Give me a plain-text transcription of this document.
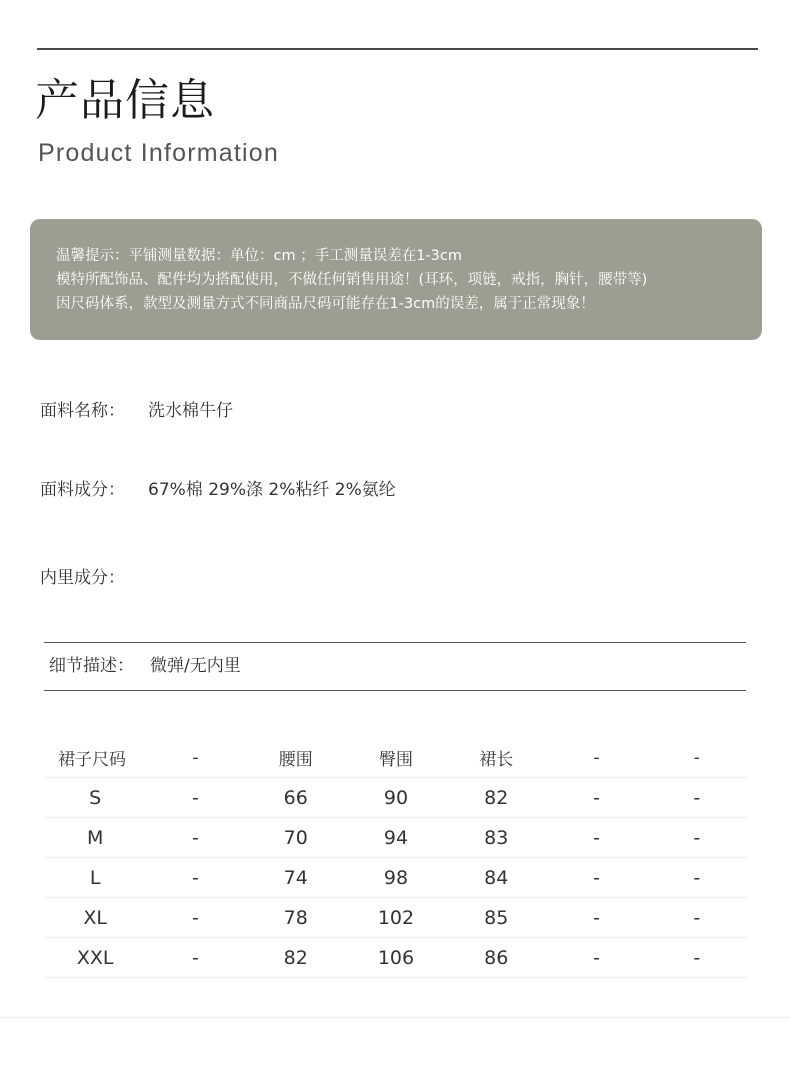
产品信息
Product Information
温馨提示：平铺测量数据：单位：cm ；手工测量误差在1-3cm
模特所配饰品、配件均为搭配使用，不做任何销售用途！(耳环，项链，戒指，胸针，腰带等)
因尺码体系，款型及测量方式不同商品尺码可能存在1-3cm的误差，属于正常现象！
面料名称： 洗水棉牛仔
面料成分： 67%棉 29%涤 2%粘纤 2%氨纶
内里成分：
细节描述： 微弹/无内里
裙子尺码	-	腰围	臀围	裙长	-	-
S	-	66	90	82	-	-
M	-	70	94	83	-	-
L	-	74	98	84	-	-
XL	-	78	102	85	-	-
XXL	-	82	106	86	-	-
